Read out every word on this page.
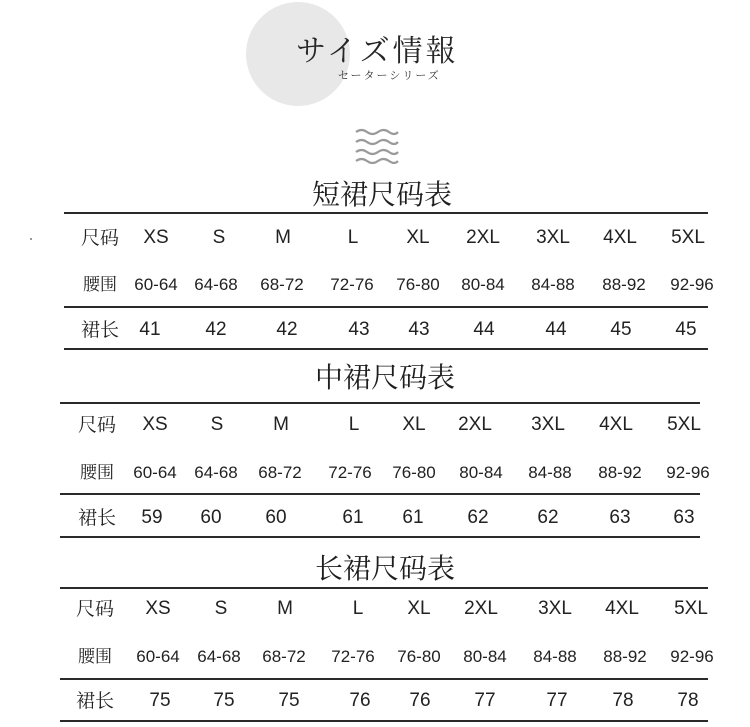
サイズ情報
セーターシリーズ
短裙尺码表
尺码 XS S	M	L	XL 2XL 3XL 4XL 5XL
腰围 60-64 64-68 68-72 72-76 76-80 80-84 84-88 88-92 92-96
裙长 41 42	42	43 43 44	44 45 45
中裙尺码表
尺码 XS S	M	L XL 2XL 3XL 4XL 5XL
腰围 60-64 64-68 68-72 72-76 76-80 80-84 84-88 88-92 92-96
裙长 59 60 60	61 61 62	62	63 63
长裙尺码表
尺码 XS S	M	L XL 2XL 3XL 4XL 5XL
腰围 60-64 64-68 68-72 72-76 76-80 80-84 84-88 88-92 92-96
裙长 75 75 75	76 76 77	77 78 78
